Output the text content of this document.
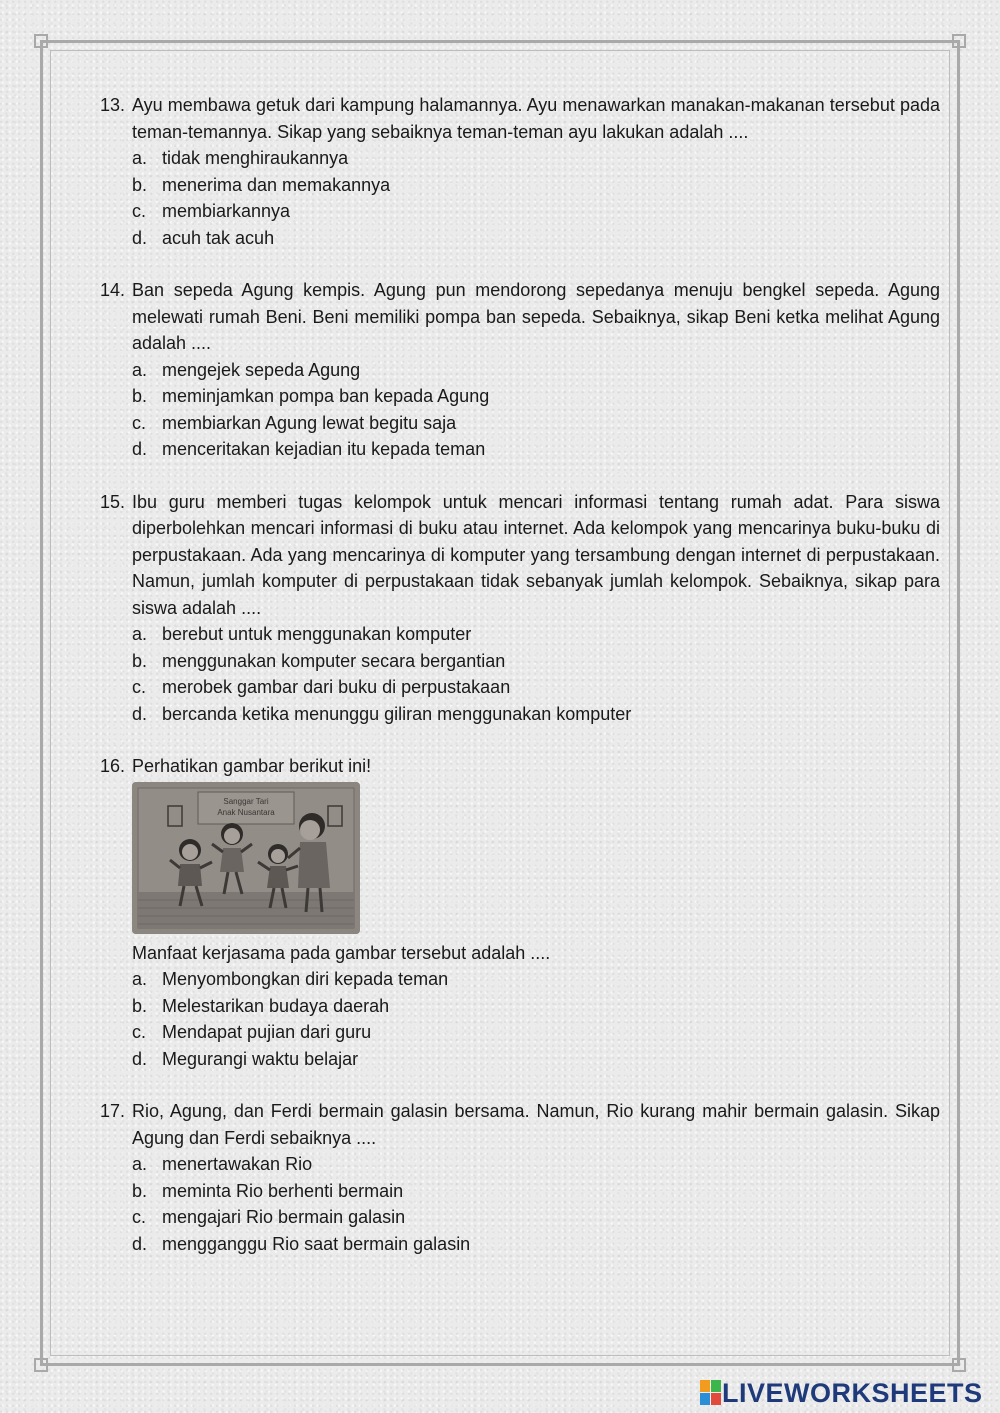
13. Ayu membawa getuk dari kampung halamannya. Ayu menawarkan manakan-makanan tersebut pada teman-temannya. Sikap yang sebaiknya teman-teman ayu lakukan adalah ....
a. tidak menghiraukannya
b. menerima dan memakannya
c. membiarkannya
d. acuh tak acuh
14. Ban sepeda Agung kempis. Agung pun mendorong sepedanya menuju bengkel sepeda. Agung melewati rumah Beni. Beni memiliki pompa ban sepeda. Sebaiknya, sikap Beni ketka melihat Agung adalah ....
a. mengejek sepeda Agung
b. meminjamkan pompa ban kepada Agung
c. membiarkan Agung lewat begitu saja
d. menceritakan kejadian itu kepada teman
15. Ibu guru memberi tugas kelompok untuk mencari informasi tentang rumah adat. Para siswa diperbolehkan mencari informasi di buku atau internet. Ada kelompok yang mencarinya buku-buku di perpustakaan. Ada yang mencarinya di komputer yang tersambung dengan internet di perpustakaan. Namun, jumlah komputer di perpustakaan tidak sebanyak jumlah kelompok. Sebaiknya, sikap para siswa adalah ....
a. berebut untuk menggunakan komputer
b. menggunakan komputer secara bergantian
c. merobek gambar dari buku di perpustakaan
d. bercanda ketika menunggu giliran menggunakan komputer
16. Perhatikan gambar berikut ini!
Sanggar Tari
Anak Nusantara
Manfaat kerjasama pada gambar tersebut adalah ....
a. Menyombongkan diri kepada teman
b. Melestarikan budaya daerah
c. Mendapat pujian dari guru
d. Megurangi waktu belajar
17. Rio, Agung, dan Ferdi bermain galasin bersama. Namun, Rio kurang mahir bermain galasin. Sikap Agung dan Ferdi sebaiknya ....
a. menertawakan Rio
b. meminta Rio berhenti bermain
c. mengajari Rio bermain galasin
d. mengganggu Rio saat bermain galasin
LIVEWORKSHEETS
